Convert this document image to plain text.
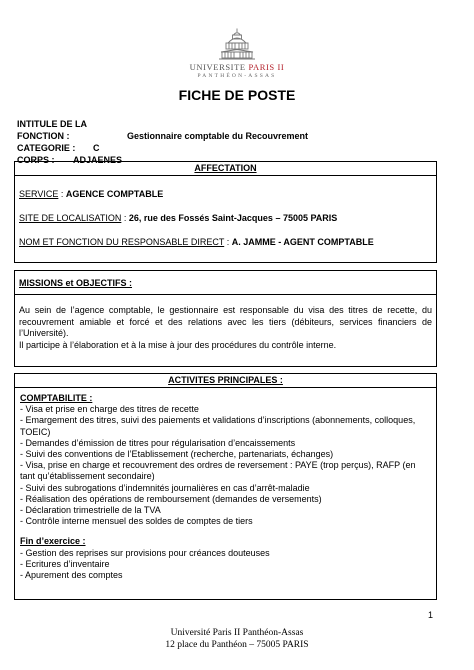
UNIVERSITE PARIS II
PANTHÉON-ASSAS
FICHE DE POSTE
INTITULE DE LA FONCTION :	Gestionnaire comptable du Recouvrement
CATEGORIE : C
CORPS : ADJAENES
AFFECTATION
SERVICE : AGENCE COMPTABLE
SITE DE LOCALISATION : 26, rue des Fossés Saint-Jacques – 75005 PARIS
NOM ET FONCTION DU RESPONSABLE DIRECT : A. JAMME - AGENT COMPTABLE
MISSIONS et OBJECTIFS :

Au sein de l’agence comptable, le gestionnaire est responsable du visa des titres de recette, du recouvrement amiable et forcé et des relations avec les tiers (débiteurs, services financiers de l’Université).

Il participe à l’élaboration et à la mise à jour des procédures du contrôle interne.

ACTIVITES PRINCIPALES :
COMPTABILITE :
- Visa et prise en charge des titres de recette
- Emargement des titres, suivi des paiements et validations d’inscriptions (abonnements, colloques, TOEIC)
- Demandes d’émission de titres pour régularisation d’encaissements
- Suivi des conventions de l’Etablissement (recherche, partenariats, échanges)
- Visa, prise en charge et recouvrement des ordres de reversement : PAYE (trop perçus), RAFP (en tant qu’établissement secondaire)
- Suivi des subrogations d’indemnités journalières en cas d’arrêt-maladie
- Réalisation des opérations de remboursement (demandes de versements)
- Déclaration trimestrielle de la TVA
- Contrôle interne mensuel des soldes de comptes de tiers
Fin d’exercice :
- Gestion des reprises sur provisions pour créances douteuses
- Ecritures d’inventaire
- Apurement des comptes
1
Université Paris II Panthéon-Assas
12 place du Panthéon – 75005 PARIS
